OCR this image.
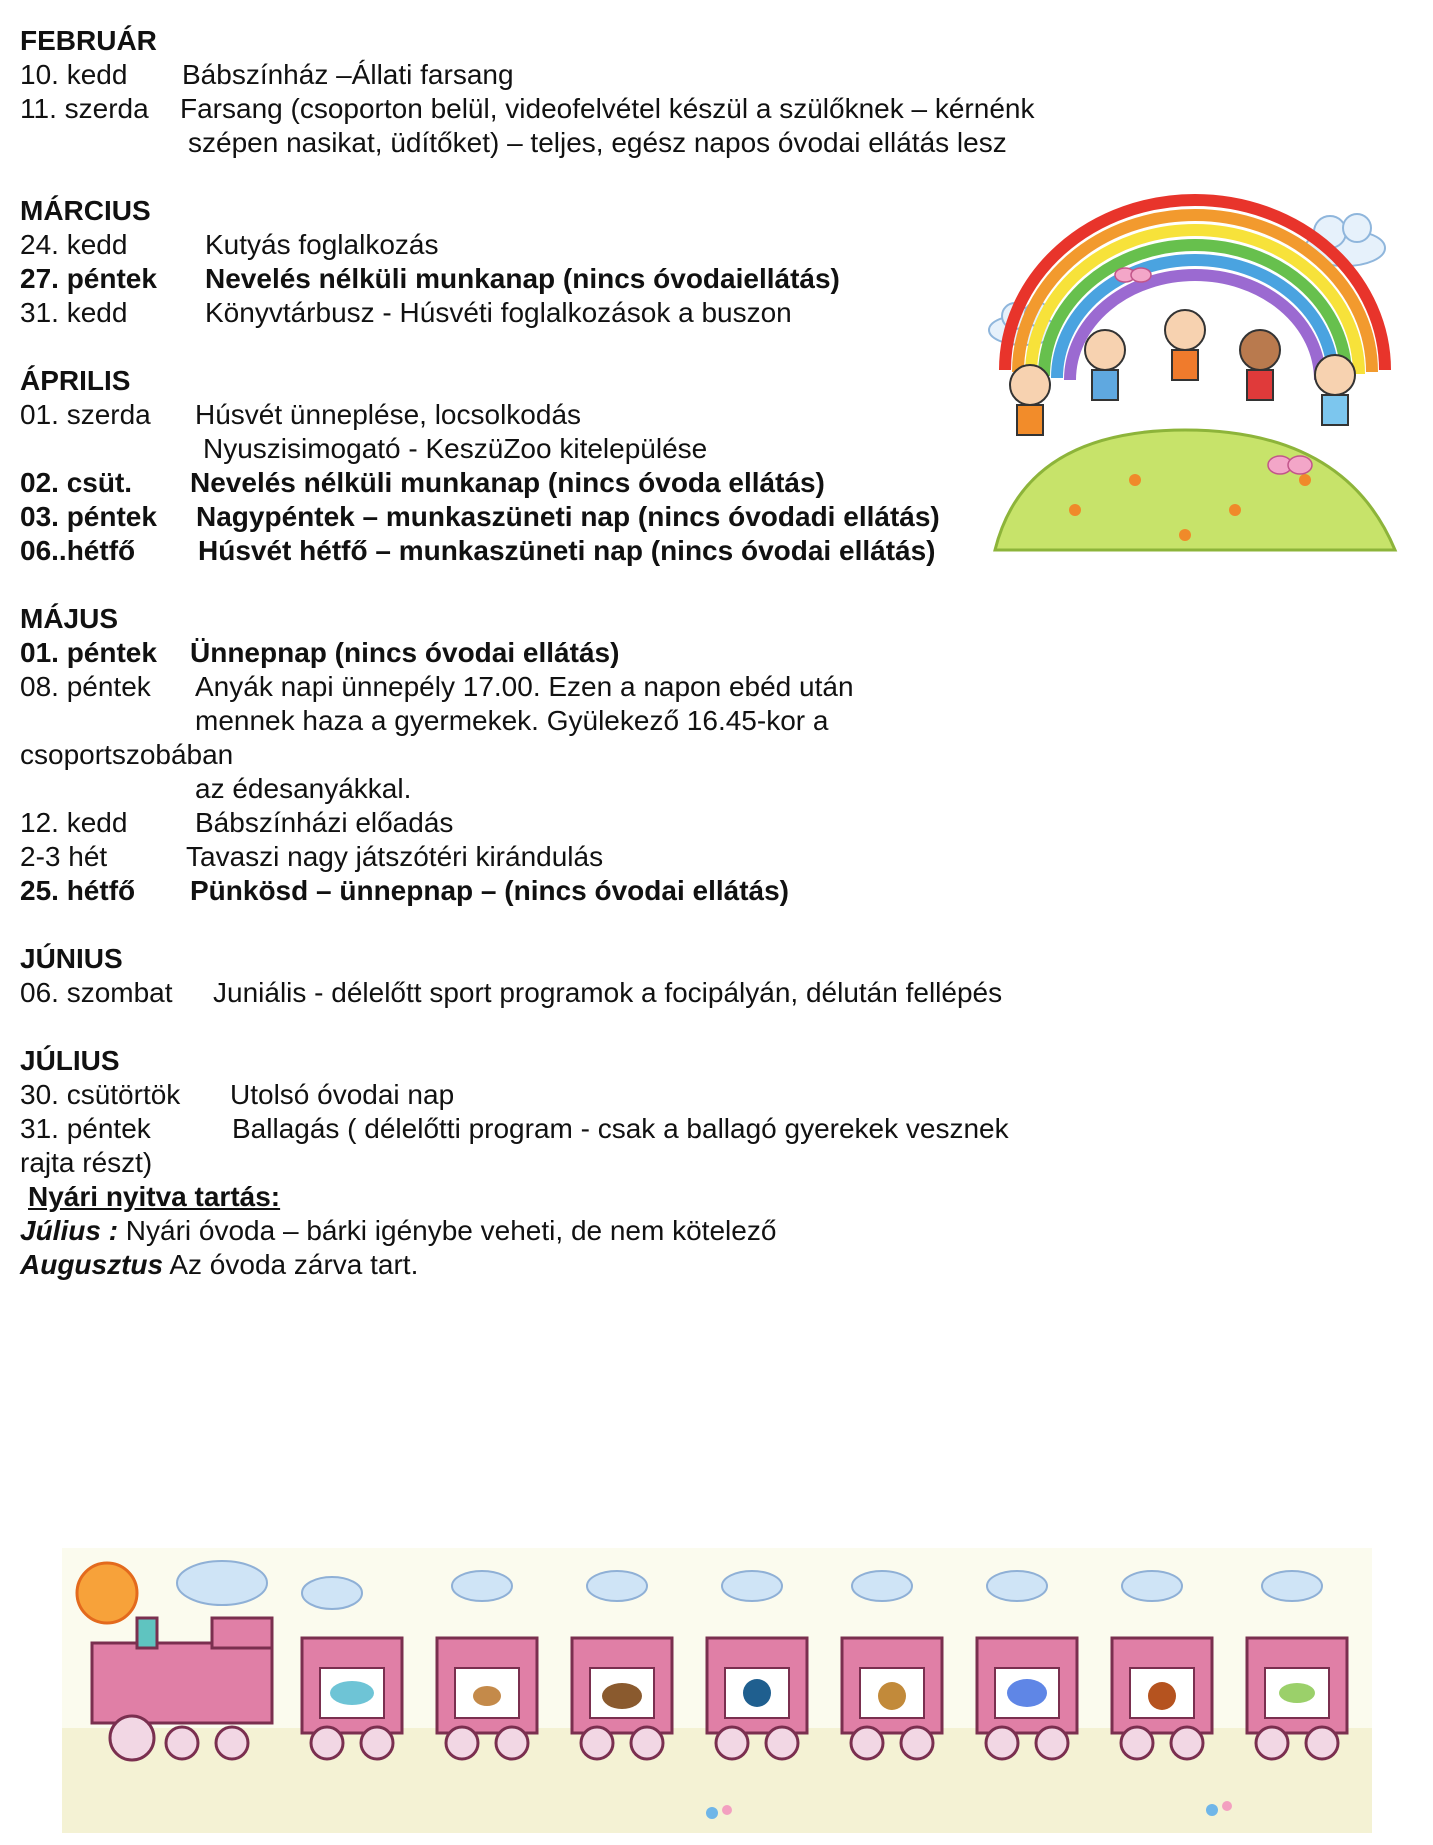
FEBRUÁR
10. kedd Bábszínház –Állati farsang
11. szerda Farsang (csoporton belül, videofelvétel készül a szülőknek – kérnénk
szépen nasikat, üdítőket) – teljes, egész napos óvodai ellátás lesz
MÁRCIUS
24. kedd	Kutyás foglalkozás
27. péntek Nevelés nélküli munkanap (nincs óvodaiellátás)
31. kedd	Könyvtárbusz - Húsvéti foglalkozások a buszon
ÁPRILIS
01. szerda Húsvét ünneplése, locsolkodás
Nyuszisimogató - KeszüZoo kitelepülése
02. csüt. Nevelés nélküli munkanap (nincs óvoda ellátás)
03. péntek Nagypéntek – munkaszüneti nap (nincs óvodadi ellátás)
06..hétfő Húsvét hétfő – munkaszüneti nap (nincs óvodai ellátás)
MÁJUS
01. péntek Ünnepnap (nincs óvodai ellátás)
08. péntek Anyák napi ünnepély 17.00. Ezen a napon ebéd után
mennek haza a gyermekek. Gyülekező 16.45-kor a
csoportszobában
az édesanyákkal.
12. kedd Bábszínházi előadás
2-3 hét	Tavaszi nagy játszótéri kirándulás
25. hétfő Pünkösd – ünnepnap – (nincs óvodai ellátás)
JÚNIUS
06. szombat Juniális - délelőtt sport programok a focipályán, délután fellépés
JÚLIUS
30. csütörtök Utolsó óvodai nap
31. péntek	Ballagás ( délelőtti program - csak a ballagó gyerekek vesznek
rajta részt)
Nyári nyitva tartás:
Július : Nyári óvoda – bárki igénybe veheti, de nem kötelező
Augusztus Az óvoda zárva tart.
